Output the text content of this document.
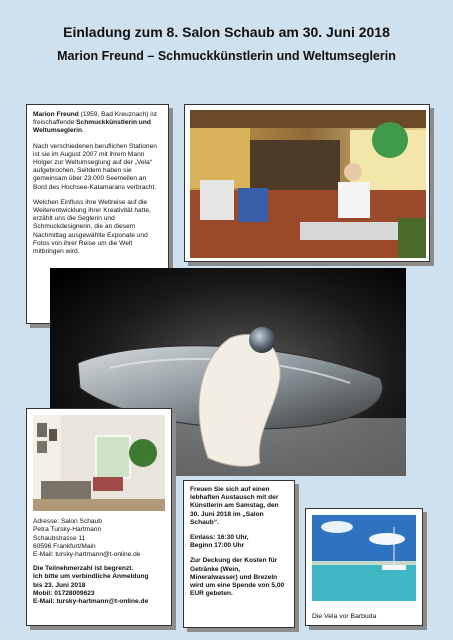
Einladung zum 8. Salon Schaub am 30. Juni 2018
Marion Freund – Schmuckkünstlerin und Weltumseglerin

Marion Freund (1959, Bad Kreuznach) ist freischaffende Schmuckkünstlerin und Weltumseglerin.

Nach verschiedenen beruflichen Stationen ist sie im August 2007 mit ihrem Mann Holger zur Weltumseglung auf der „Vela“ aufgebrochen. Seitdem haben sie gemeinsam über 23.000 Seemeilen an Bord des Hochsee-Katamarans verbracht.

Welchen Einfluss ihre Weltreise auf die Weiterentwicklung ihrer Kreativität hatte, erzählt uns die Seglerin und Schmuckdesignerin, die an diesem Nachmittag ausgewählte Exponate und Fotos von ihrer Reise um die Welt mitbringen wird.

Adresse: Salon Schaub
Petra Tursky-Hartmann
Schaubstrasse 11
60596 Frankfurt/Main
E-Mail: tursky-hartmann@t-online.de
Die Teilnehmerzahl ist begrenzt.
Ich bitte um verbindliche Anmeldung
bis 23. Juni 2018
Mobil: 01728009623
E-Mail: tursky-hartmann@t-online.de

Freuen Sie sich auf einen lebhaften Austausch mit der Künstlerin am Samstag, den 30. Juni 2018 im „Salon Schaub“.

Einlass: 16:30 Uhr,
Beginn 17:00 Uhr

Zur Deckung der Kosten für Getränke (Wein, Mineralwasser) und Brezeln wird um eine Spende von 5,00 EUR gebeten.

Die Vela vor Barbuda
